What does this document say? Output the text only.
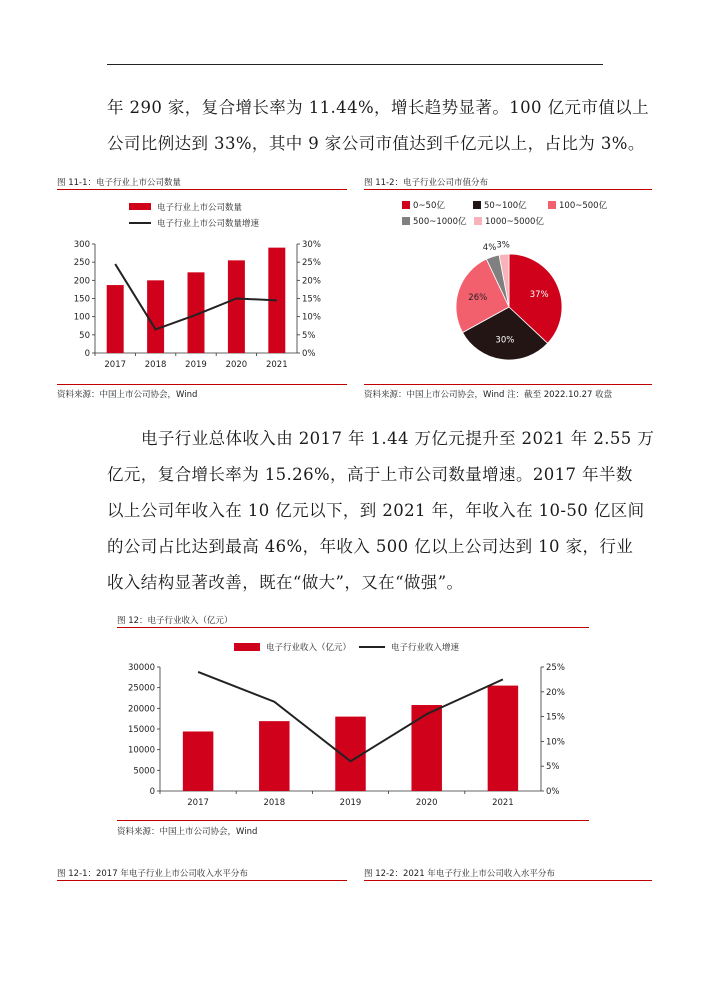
年 290 家，复合增长率为 11.44%，增长趋势显著。100 亿元市值以上
公司比例达到 33%，其中 9 家公司市值达到千亿元以上，占比为 3%。
图 11-1：电子行业上市公司数量
电子行业上市公司数量
电子行业上市公司数量增速
0
50
100
150
200
250
300
0%
5%
10%
15%
20%
25%
30%
2017 2018 2019 2020 2021
资料来源：中国上市公司协会，Wind
图 11-2：电子行业公司市值分布
0~50亿	50~100亿	100~500亿
500~1000亿 1000~5000亿
37%
30%
26%
4% 3%
资料来源：中国上市公司协会，Wind 注：截至 2022.10.27 收盘
电子行业总体收入由 2017 年 1.44 万亿元提升至 2021 年 2.55 万
亿元，复合增长率为 15.26%，高于上市公司数量增速。2017 年半数
以上公司年收入在 10 亿元以下，到 2021 年，年收入在 10-50 亿区间
的公司占比达到最高 46%，年收入 500 亿以上公司达到 10 家，行业
收入结构显著改善，既在“做大”，又在“做强”。
图 12：电子行业收入（亿元）
电子行业收入（亿元）	电子行业收入增速
0
5000
10000
15000
20000
25000
30000
0%
5%
10%
15%
20%
25%
2017	2018	2019	2020	2021
资料来源：中国上市公司协会，Wind
图 12-1：2017 年电子行业上市公司收入水平分布	图 12-2：2021 年电子行业上市公司收入水平分布
